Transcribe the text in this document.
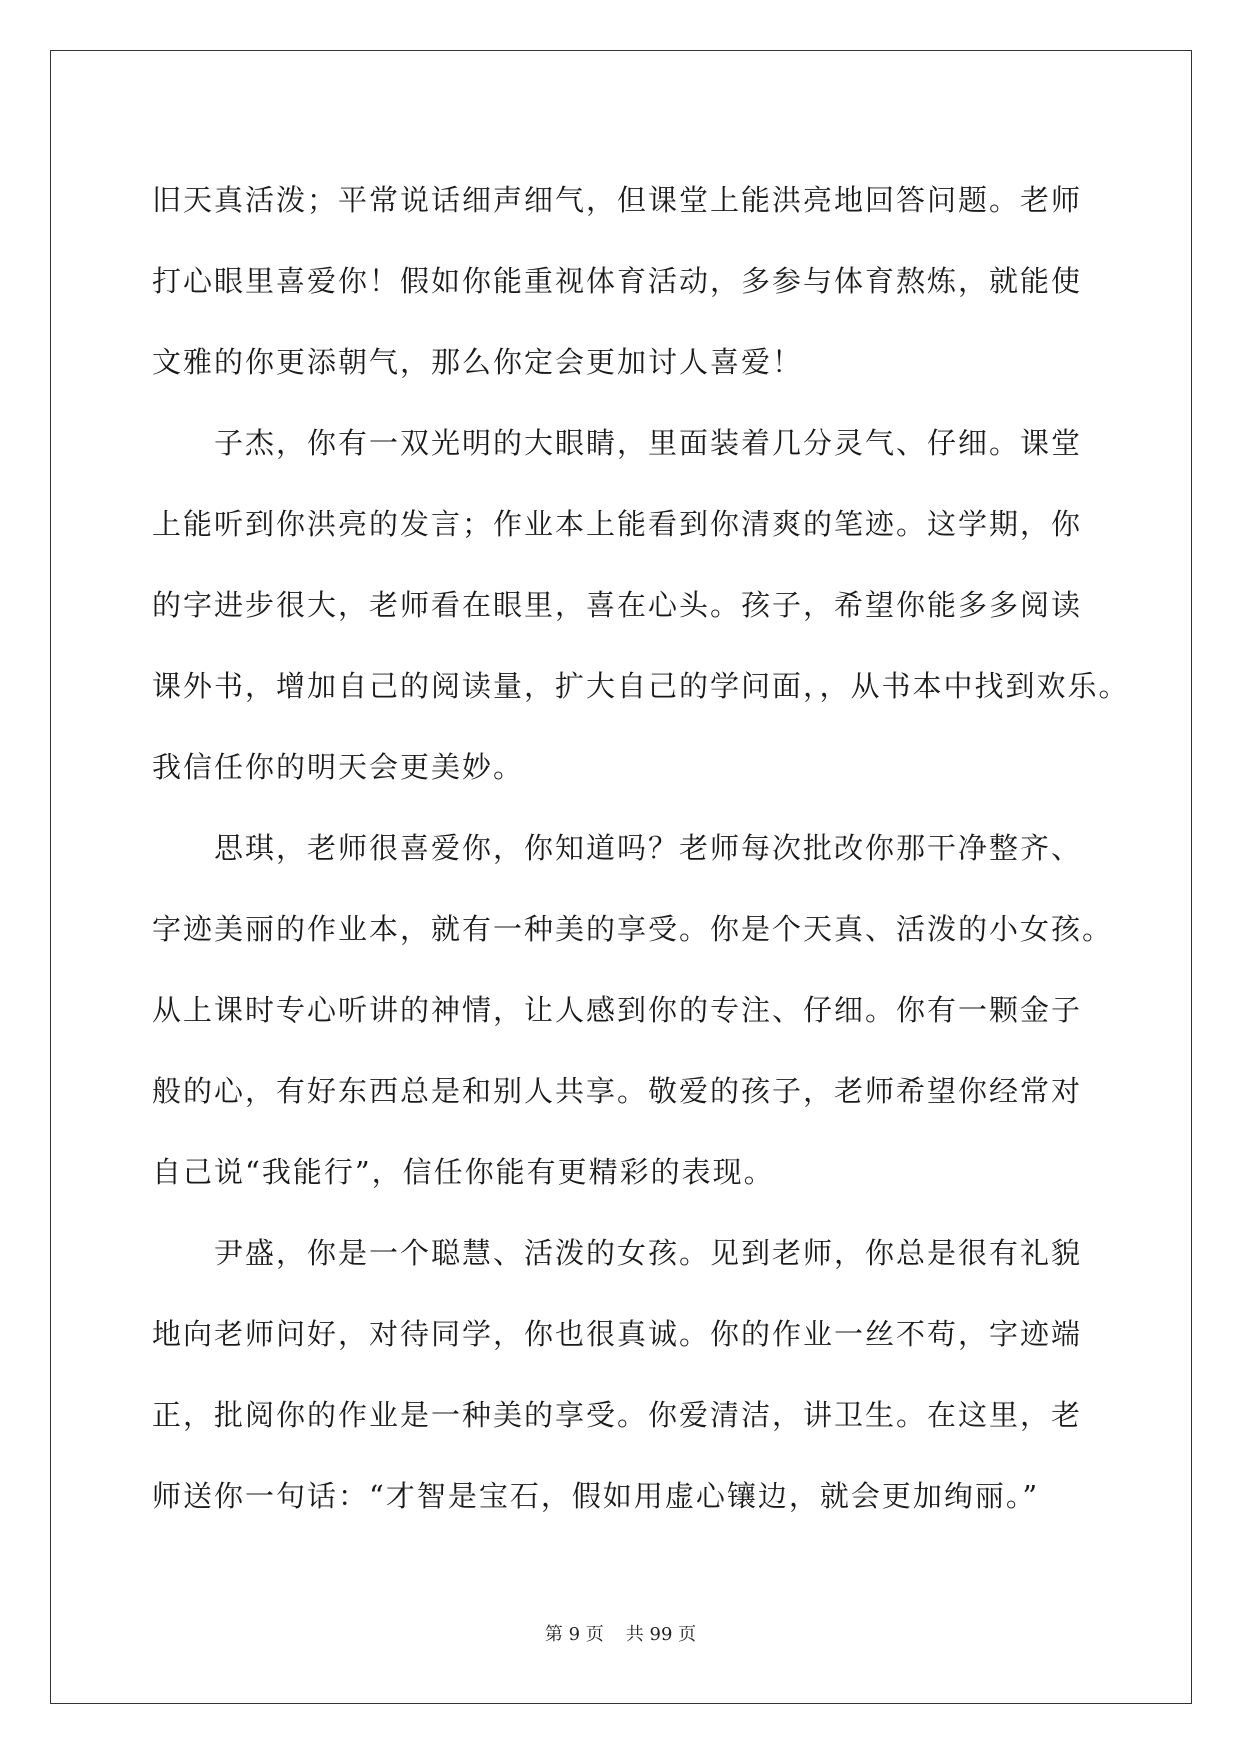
旧天真活泼；平常说话细声细气，但课堂上能洪亮地回答问题。老师
打心眼里喜爱你！假如你能重视体育活动，多参与体育熬炼，就能使
文雅的你更添朝气，那么你定会更加讨人喜爱！

　　子杰，你有一双光明的大眼睛，里面装着几分灵气、仔细。课堂
上能听到你洪亮的发言；作业本上能看到你清爽的笔迹。这学期，你
的字进步很大，老师看在眼里，喜在心头。孩子，希望你能多多阅读
课外书，增加自己的阅读量，扩大自己的学问面，，从书本中找到欢乐。
我信任你的明天会更美妙。

　　思琪，老师很喜爱你，你知道吗？老师每次批改你那干净整齐、
字迹美丽的作业本，就有一种美的享受。你是个天真、活泼的小女孩。
从上课时专心听讲的神情，让人感到你的专注、仔细。你有一颗金子
般的心，有好东西总是和别人共享。敬爱的孩子，老师希望你经常对
自己说“我能行”，信任你能有更精彩的表现。

　　尹盛，你是一个聪慧、活泼的女孩。见到老师，你总是很有礼貌
地向老师问好，对待同学，你也很真诚。你的作业一丝不苟，字迹端
正，批阅你的作业是一种美的享受。你爱清洁，讲卫生。在这里，老
师送你一句话：“才智是宝石，假如用虚心镶边，就会更加绚丽。”

第 9 页 共 99 页
